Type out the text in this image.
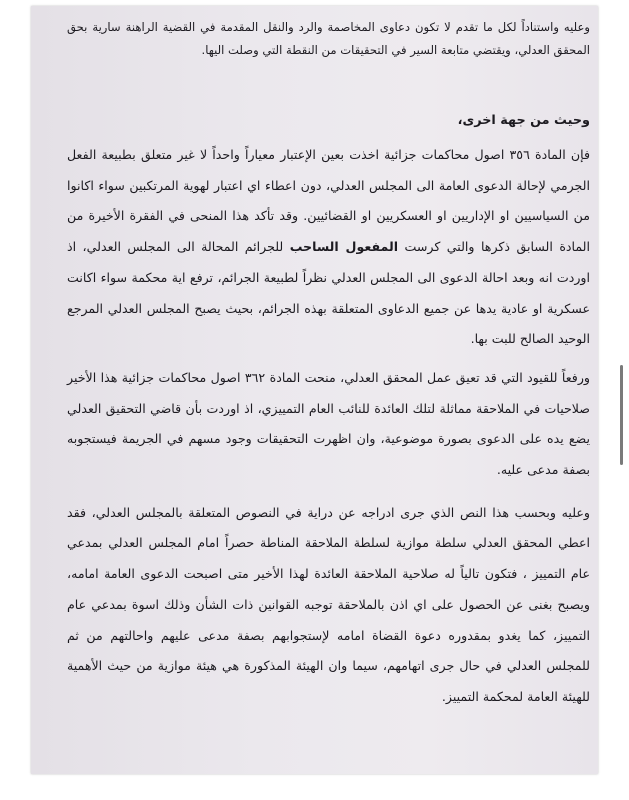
وعليه واستناداً لكل ما تقدم لا تكون دعاوى المخاصمة والرد والنقل المقدمة في القضية الراهنة سارية بحق المحقق العدلي، ويقتضي متابعة السير في التحقيقات من النقطة التي وصلت اليها.

وحيث من جهة اخرى،

فإن المادة ٣٥٦ اصول محاكمات جزائية اخذت بعين الإعتبار معياراً واحداً لا غير متعلق بطبيعة الفعل الجرمي لإحالة الدعوى العامة الى المجلس العدلي، دون اعطاء اي اعتبار لهوية المرتكبين سواء اكانوا من السياسيين او الإداريين او العسكريين او القضائيين. وقد تأكد هذا المنحى في الفقرة الأخيرة من المادة السابق ذكرها والتي كرست المفعول الساحب للجرائم المحالة الى المجلس العدلي، اذ اوردت انه وبعد احالة الدعوى الى المجلس العدلي نظراً لطبيعة الجرائم، ترفع اية محكمة سواء اكانت عسكرية او عادية يدها عن جميع الدعاوى المتعلقة بهذه الجرائم، بحيث يصبح المجلس العدلي المرجع الوحيد الصالح للبت بها.

ورفعاً للقيود التي قد تعيق عمل المحقق العدلي، منحت المادة ٣٦٢ اصول محاكمات جزائية هذا الأخير صلاحيات في الملاحقة مماثلة لتلك العائدة للنائب العام التمييزي، اذ اوردت بأن قاضي التحقيق العدلي يضع يده على الدعوى بصورة موضوعية، وان اظهرت التحقيقات وجود مسهم في الجريمة فيستجوبه بصفة مدعى عليه.

وعليه وبحسب هذا النص الذي جرى ادراجه عن دراية في النصوص المتعلقة بالمجلس العدلي، فقد اعطي المحقق العدلي سلطة موازية لسلطة الملاحقة المناطة حصراً امام المجلس العدلي بمدعي عام التمييز ، فتكون تالياً له صلاحية الملاحقة العائدة لهذا الأخير متى اصبحت الدعوى العامة امامه، ويصبح بغنى عن الحصول على اي اذن بالملاحقة توجبه القوانين ذات الشأن وذلك اسوة بمدعي عام التمييز، كما يغدو بمقدوره دعوة القضاة امامه لإستجوابهم بصفة مدعى عليهم واحالتهم من ثم للمجلس العدلي في حال جرى اتهامهم، سيما وان الهيئة المذكورة هي هيئة موازية من حيث الأهمية للهيئة العامة لمحكمة التمييز.
